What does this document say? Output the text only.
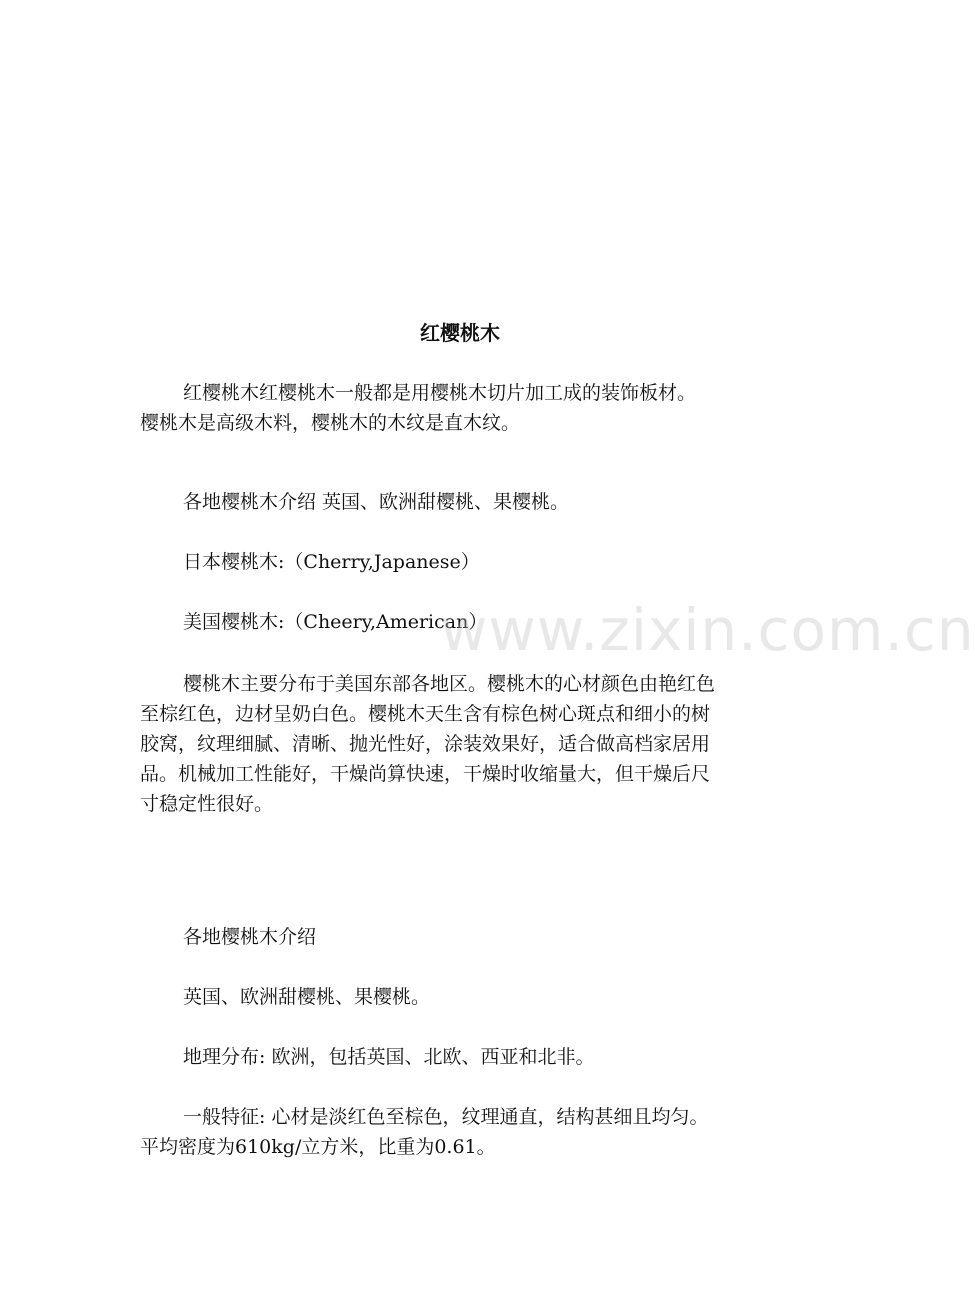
红樱桃木

红樱桃木红樱桃木一般都是用樱桃木切片加工成的装饰板材。
樱桃木是高级木料，樱桃木的木纹是直木纹。

各地樱桃木介绍 英国、欧洲甜樱桃、果樱桃。

日本樱桃木:（Cherry,Japanese）

美国樱桃木:（Cheery,American）

樱桃木主要分布于美国东部各地区。樱桃木的心材颜色由艳红色
至棕红色，边材呈奶白色。樱桃木天生含有棕色树心斑点和细小的树
胶窝，纹理细腻、清晰、抛光性好，涂装效果好，适合做高档家居用
品。机械加工性能好，干燥尚算快速，干燥时收缩量大，但干燥后尺
寸稳定性很好。

各地樱桃木介绍

英国、欧洲甜樱桃、果樱桃。

地理分布: 欧洲，包括英国、北欧、西亚和北非。

一般特征: 心材是淡红色至棕色，纹理通直，结构甚细且均匀。
平均密度为610kg/立方米，比重为0.61。

www.zixin.com.cn
